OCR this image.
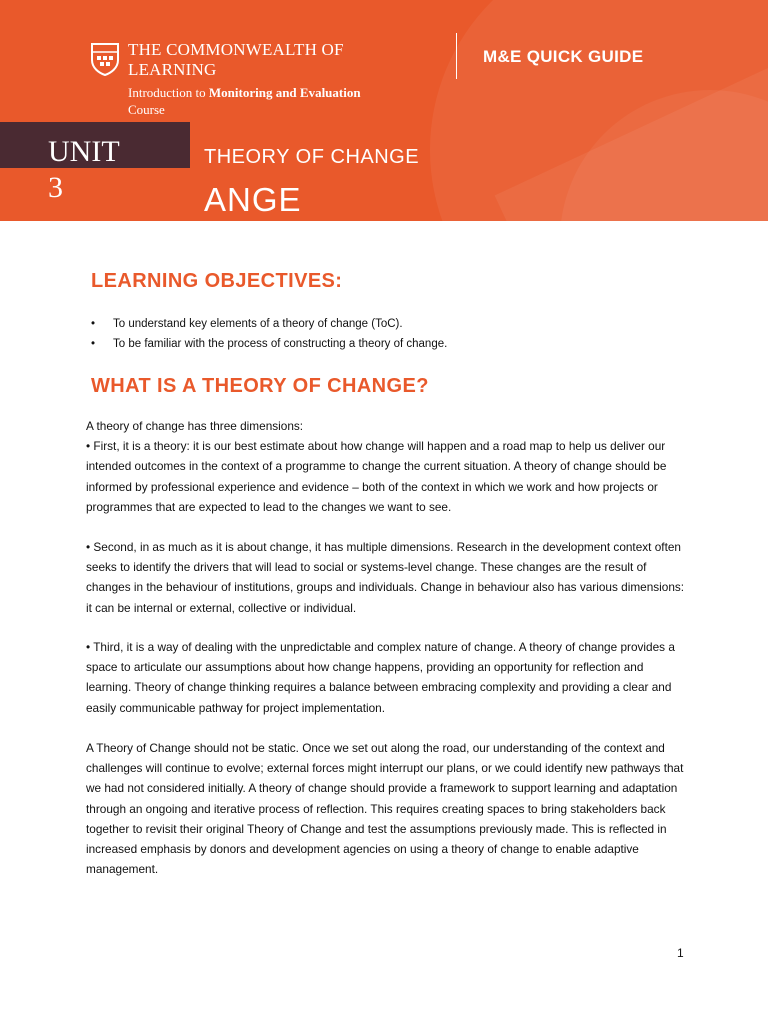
THE COMMONWEALTH OF LEARNING
Introduction to Monitoring and Evaluation
Course
M&E QUICK GUIDE
UNIT
3
THEORY OF CHANGE
ANGE
LEARNING OBJECTIVES:
• To understand key elements of a theory of change (ToC).
• To be familiar with the process of constructing a theory of change.
WHAT IS A THEORY OF CHANGE?
A theory of change has three dimensions:
• First, it is a theory: it is our best estimate about how change will happen and a road map to help us deliver our intended outcomes in the context of a programme to change the current situation. A theory of change should be informed by professional experience and evidence – both of the context in which we work and how projects or programmes that are expected to lead to the changes we want to see.
• Second, in as much as it is about change, it has multiple dimensions. Research in the development context often seeks to identify the drivers that will lead to social or systems-level change. These changes are the result of changes in the behaviour of institutions, groups and individuals. Change in behaviour also has various dimensions: it can be internal or external, collective or individual.
• Third, it is a way of dealing with the unpredictable and complex nature of change. A theory of change provides a space to articulate our assumptions about how change happens, providing an opportunity for reflection and learning. Theory of change thinking requires a balance between embracing complexity and providing a clear and easily communicable pathway for project implementation.
A Theory of Change should not be static. Once we set out along the road, our understanding of the context and challenges will continue to evolve; external forces might interrupt our plans, or we could identify new pathways that we had not considered initially. A theory of change should provide a framework to support learning and adaptation through an ongoing and iterative process of reflection. This requires creating spaces to bring stakeholders back together to revisit their original Theory of Change and test the assumptions previously made. This is reflected in increased emphasis by donors and development agencies on using a theory of change to enable adaptive management.
1
